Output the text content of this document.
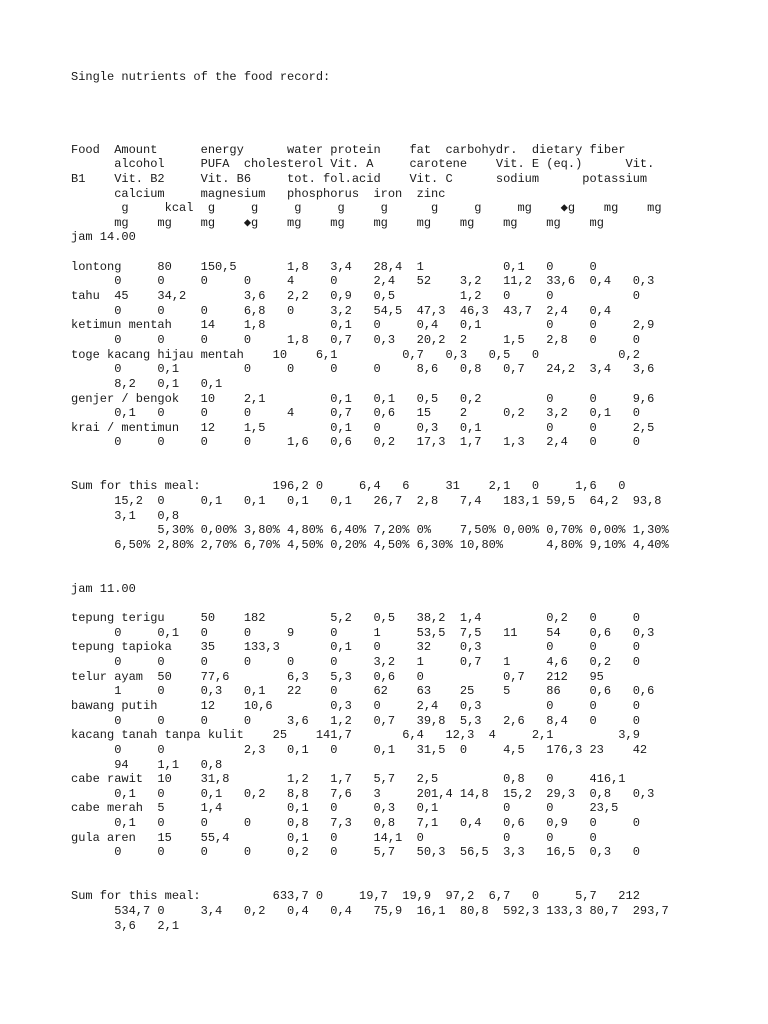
Single nutrients of the food record:
Food  Amount      energy      water protein    fat  carbohydr.  dietary fiber
alcohol     PUFA  cholesterol Vit. A     carotene    Vit. E (eq.)      Vit.
B1    Vit. B2     Vit. B6     tot. fol.acid    Vit. C      sodium      potassium
calcium     magnesium   phosphorus  iron  zinc
g     kcal  g     g     g     g     g      g     g     mg    ◆g    mg    mg
mg    mg    mg    ◆g    mg    mg    mg    mg    mg    mg    mg    mg
jam 14.00
lontong     80    150,5       1,8   3,4   28,4  1           0,1   0     0
0     0     0     0     4     0     2,4   52    3,2   11,2  33,6  0,4   0,3
tahu  45    34,2        3,6   2,2   0,9   0,5         1,2   0     0           0
0     0     0     6,8   0     3,2   54,5  47,3  46,3  43,7  2,4   0,4
ketimun mentah    14    1,8         0,1   0     0,4   0,1         0     0     2,9
0     0     0     0     1,8   0,7   0,3   20,2  2     1,5   2,8   0     0
toge kacang hijau mentah    10    6,1         0,7   0,3   0,5   0           0,2
0     0,1         0     0     0     0     8,6   0,8   0,7   24,2  3,4   3,6
8,2   0,1   0,1
genjer / bengok   10    2,1         0,1   0,1   0,5   0,2         0     0     9,6
0,1   0     0     0     4     0,7   0,6   15    2     0,2   3,2   0,1   0
krai / mentimun   12    1,5         0,1   0     0,3   0,1         0     0     2,5
0     0     0     0     1,6   0,6   0,2   17,3  1,7   1,3   2,4   0     0
Sum for this meal:          196,2 0     6,4   6     31    2,1   0     1,6   0
15,2  0     0,1   0,1   0,1   0,1   26,7  2,8   7,4   183,1 59,5  64,2  93,8
3,1   0,8
5,30% 0,00% 3,80% 4,80% 6,40% 7,20% 0%    7,50% 0,00% 0,70% 0,00% 1,30%
6,50% 2,80% 2,70% 6,70% 4,50% 0,20% 4,50% 6,30% 10,80%      4,80% 9,10% 4,40%
jam 11.00
tepung terigu     50    182         5,2   0,5   38,2  1,4         0,2   0     0
0     0,1   0     0     9     0     1     53,5  7,5   11    54    0,6   0,3
tepung tapioka    35    133,3       0,1   0     32    0,3         0     0     0
0     0     0     0     0     0     3,2   1     0,7   1     4,6   0,2   0
telur ayam  50    77,6        6,3   5,3   0,6   0           0,7   212   95
1     0     0,3   0,1   22    0     62    63    25    5     86    0,6   0,6
bawang putih      12    10,6        0,3   0     2,4   0,3         0     0     0
0     0     0     0     3,6   1,2   0,7   39,8  5,3   2,6   8,4   0     0
kacang tanah tanpa kulit    25    141,7       6,4   12,3  4     2,1         3,9
0     0           2,3   0,1   0     0,1   31,5  0     4,5   176,3 23    42
94    1,1   0,8
cabe rawit  10    31,8        1,2   1,7   5,7   2,5         0,8   0     416,1
0,1   0     0,1   0,2   8,8   7,6   3     201,4 14,8  15,2  29,3  0,8   0,3
cabe merah  5     1,4         0,1   0     0,3   0,1         0     0     23,5
0,1   0     0     0     0,8   7,3   0,8   7,1   0,4   0,6   0,9   0     0
gula aren   15    55,4        0,1   0     14,1  0           0     0     0
0     0     0     0     0,2   0     5,7   50,3  56,5  3,3   16,5  0,3   0
Sum for this meal:          633,7 0     19,7  19,9  97,2  6,7   0     5,7   212
534,7 0     3,4   0,2   0,4   0,4   75,9  16,1  80,8  592,3 133,3 80,7  293,7
3,6   2,1
